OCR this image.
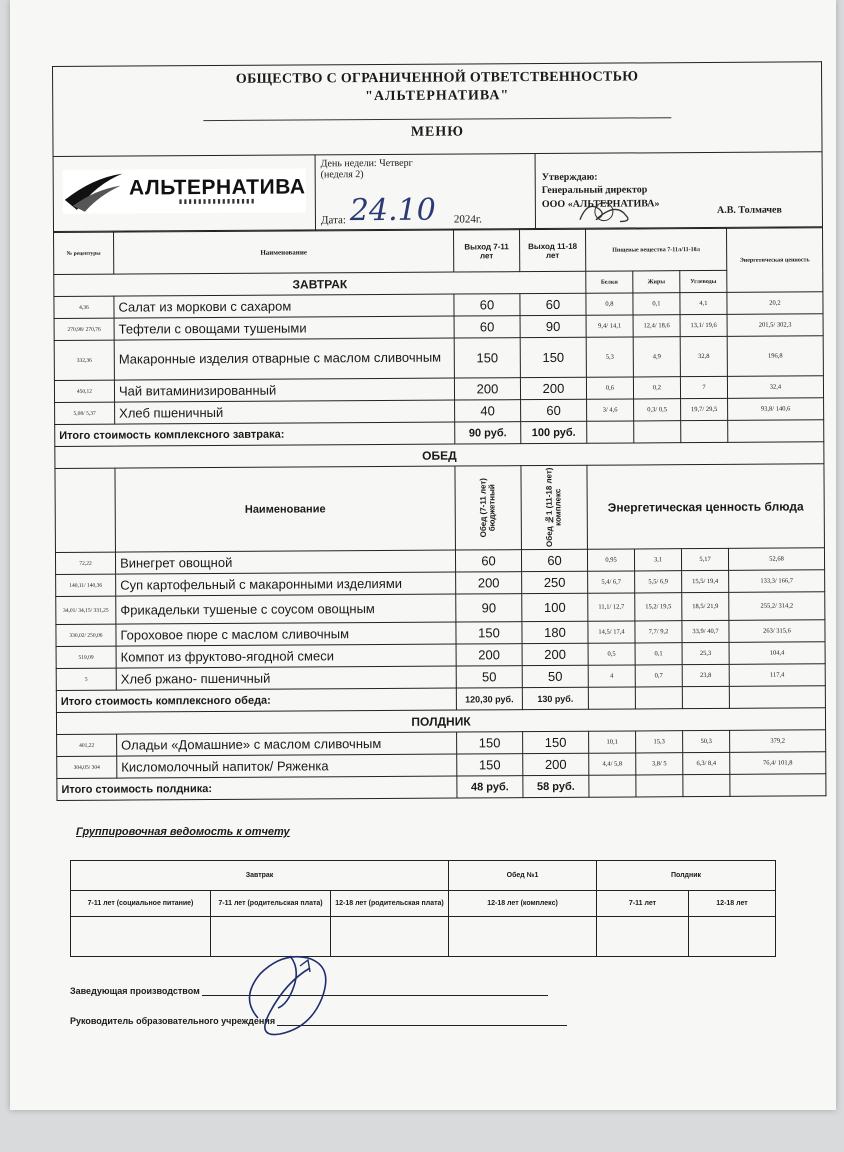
ОБЩЕСТВО С ОГРАНИЧЕННОЙ ОТВЕТСТВЕННОСТЬЮ
"АЛЬТЕРНАТИВА"
МЕНЮ
АЛЬТЕРНАТИВА
▮▮▮▮▮▮▮▮▮▮▮▮▮▮▮▮

День недели: Четверг
(неделя 2)
Дата: 24.10 2024г.
	Утверждаю:
Генеральный директор
ООО «АЛЬТЕРНАТИВА»	А.В. Толмачев
№ рецептуры	Наименование	Выход 7-11 лет	Выход 11-18 лет	Пищевые вещества 7-11л/11-18л			Энергетическая ценность
ЗАВТРАК				Белки	Жиры	Углеводы	
4,36	Салат из моркови с сахаром	60	60	0,8	0,1	4,1	20,2
270,98/ 270,76	Тефтели с овощами тушеными	60	90	9,4/ 14,1	12,4/ 18,6	13,1/ 19,6	201,5/ 302,3
332,36	Макаронные изделия отварные с маслом сливочным	150	150	5,3	4,9	32,8	196,8
450,12	Чай витаминизированный	200	200	0,6	0,2	7	32,4
5,08/ 5,37	Хлеб пшеничный	40	60	3/ 4,6	0,3/ 0,5	19,7/ 29,5	93,8/ 140,6
Итого стоимость комплексного завтрака:		90 руб.	100 руб.				
ОБЕД							
	Наименование	Обед (7-11 лет) бюджетный	Обед №1 (11-18 лет) комплекс	Энергетическая ценность блюда			
72,22	Винегрет овощной	60	60	0,95	3,1	5,17	52,68
140,11/ 140,36	Суп картофельный с макаронными изделиями	200	250	5,4/ 6,7	5,5/ 6,9	15,5/ 19,4	133,3/ 166,7
34,01/ 34,15/ 331,25	Фрикадельки тушеные с соусом овощным	90	100	11,1/ 12,7	15,2/ 19,5	18,5/ 21,9	255,2/ 314,2
330,02/ 250,06	Гороховое пюре с маслом сливочным	150	180	14,5/ 17,4	7,7/ 9,2	33,9/ 40,7	263/ 315,6
519,09	Компот из фруктово-ягодной смеси	200	200	0,5	0,1	25,3	104,4
5	Хлеб ржано- пшеничный	50	50	4	0,7	23,8	117,4
Итого стоимость комплексного обеда:		120,30 руб.	130 руб.				
ПОЛДНИК							
401,22	Оладьи «Домашние» с маслом сливочным	150	150	10,1	15,3	50,3	379,2
304,05/ 304	Кисломолочный напиток/ Ряженка	150	200	4,4/ 5,8	3,8/ 5	6,3/ 8,4	76,4/ 101,8
Итого стоимость полдника:		48 руб.	58 руб.				
Группировочная ведомость к отчету
Завтрак			Обед №1	Полдник	
7-11 лет (социальное питание)	7-11 лет (родительская плата)	12-18 лет (родительская плата)	12-18 лет (комплекс)	7-11 лет	12-18 лет

Заведующая производством
Руководитель образовательного учреждения
